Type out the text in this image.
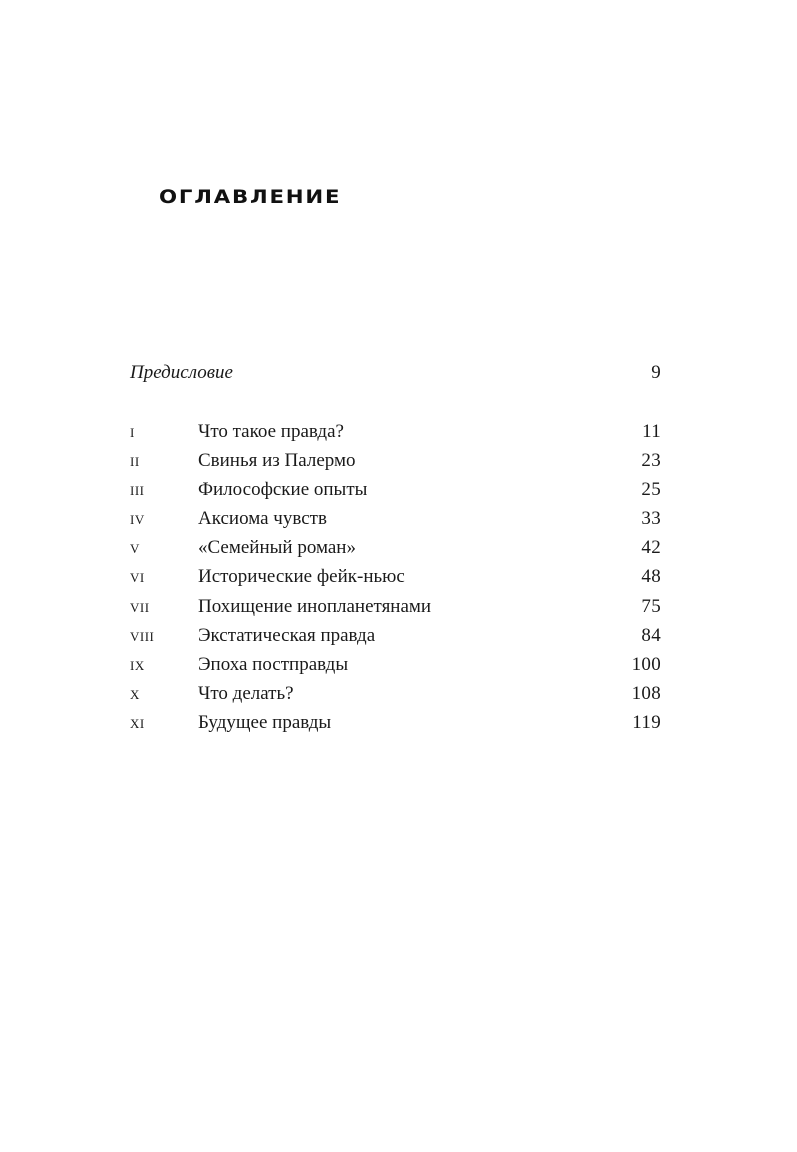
ОГЛАВЛЕНИЕ
Предисловие	9
i	Что такое правда?	11
ii	Свинья из Палермо	23
iii	Философские опыты	25
iv	Аксиома чувств	33
v	«Семейный роман»	42
vi	Исторические фейк-ньюс	48
vii	Похищение инопланетянами	75
viii Экстатическая правда	84
ix	Эпоха постправды	100
x	Что делать?	108
xi	Будущее правды	119
